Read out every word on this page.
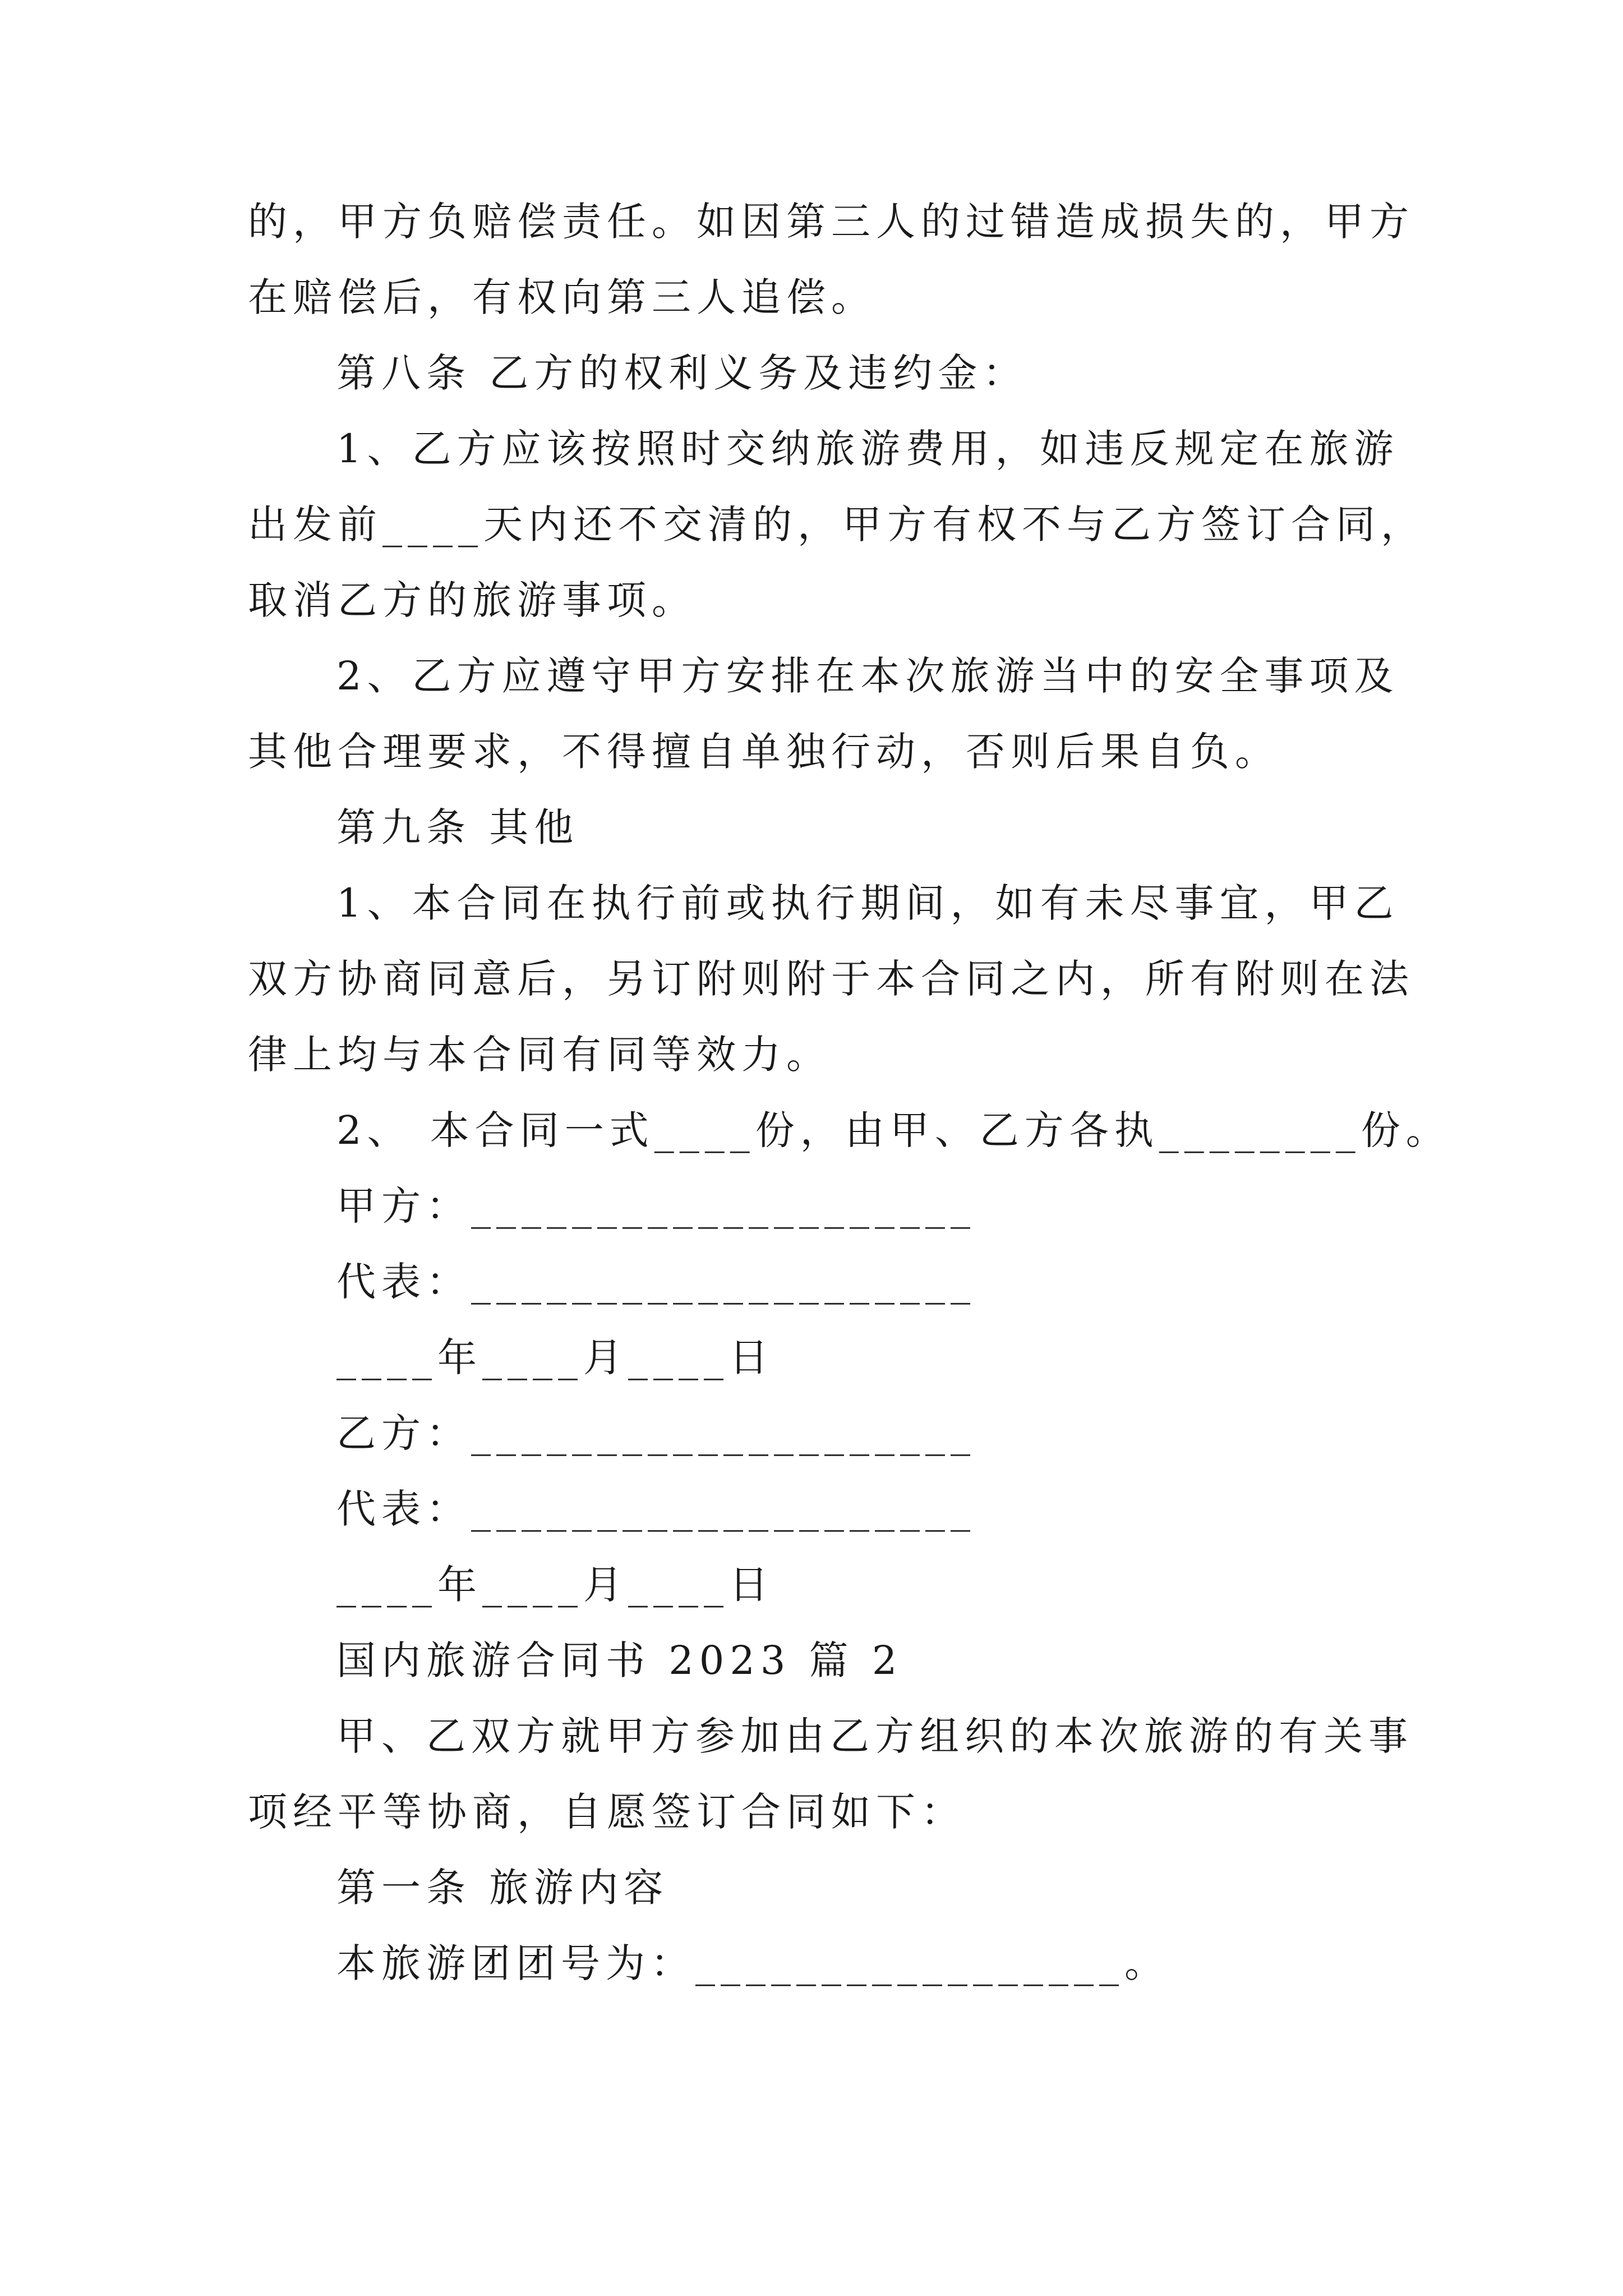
的，甲方负赔偿责任。如因第三人的过错造成损失的，甲方
在赔偿后，有权向第三人追偿。
第八条 乙方的权利义务及违约金：
1、乙方应该按照时交纳旅游费用，如违反规定在旅游
出发前____天内还不交清的，甲方有权不与乙方签订合同，
取消乙方的旅游事项。
2、乙方应遵守甲方安排在本次旅游当中的安全事项及
其他合理要求，不得擅自单独行动，否则后果自负。
第九条 其他
1、本合同在执行前或执行期间，如有未尽事宜，甲乙
双方协商同意后，另订附则附于本合同之内，所有附则在法
律上均与本合同有同等效力。
2、 本合同一式____份，由甲、乙方各执________份。
甲方：____________________
代表：____________________
____年____月____日
乙方：____________________
代表：____________________
____年____月____日
国内旅游合同书 2023 篇 2
甲、乙双方就甲方参加由乙方组织的本次旅游的有关事
项经平等协商，自愿签订合同如下：
第一条 旅游内容
本旅游团团号为：_________________。
